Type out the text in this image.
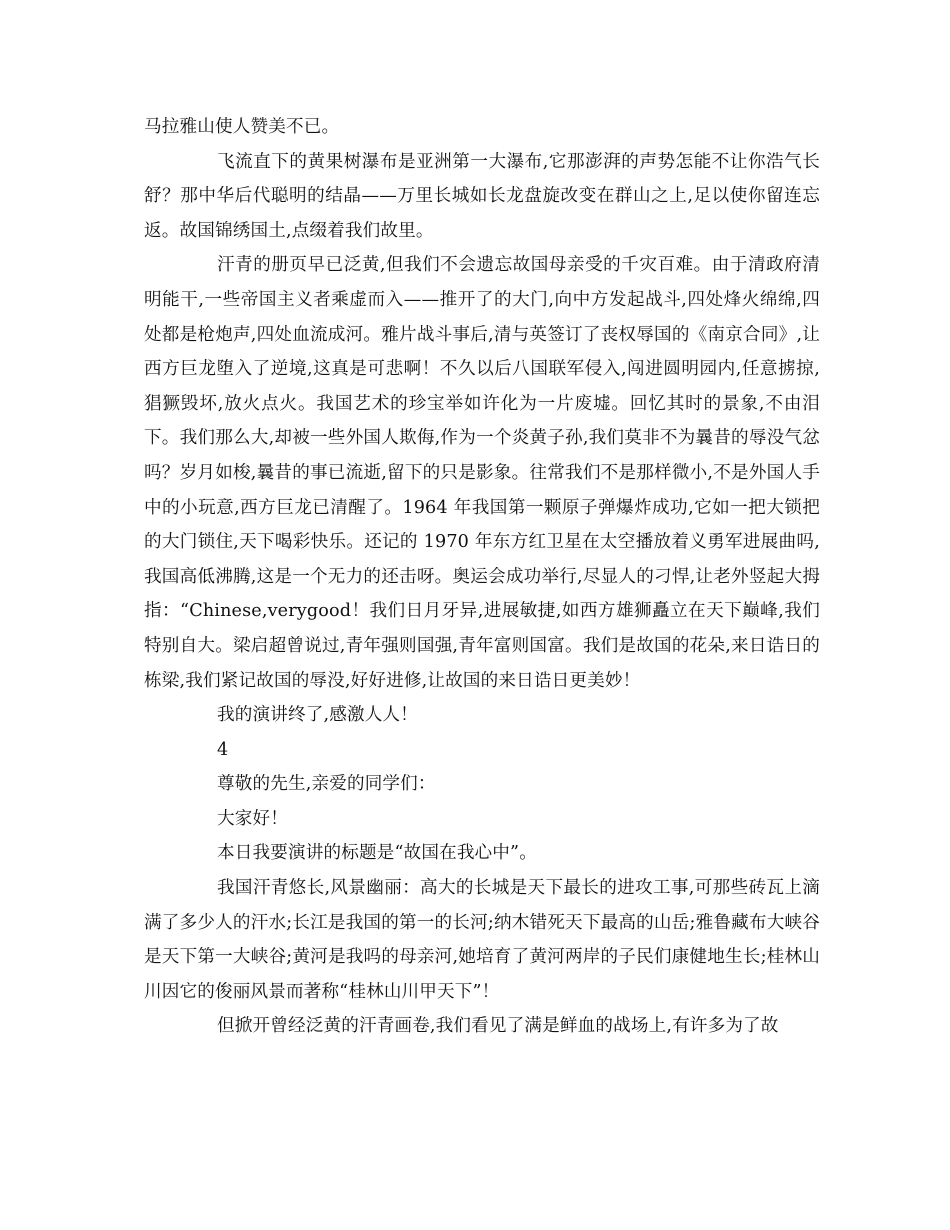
马拉雅山使人赞美不已。

飞流直下的黄果树瀑布是亚洲第一大瀑布,它那澎湃的声势怎能不让你浩气长舒？那中华后代聪明的结晶——万里长城如长龙盘旋改变在群山之上,足以使你留连忘返。故国锦绣国土,点缀着我们故里。

汗青的册页早已泛黄,但我们不会遗忘故国母亲受的千灾百难。由于清政府清明能干,一些帝国主义者乘虚而入——推开了的大门,向中方发起战斗,四处烽火绵绵,四处都是枪炮声,四处血流成河。雅片战斗事后,清与英签订了丧权辱国的《南京合同》,让西方巨龙堕入了逆境,这真是可悲啊！不久以后八国联军侵入,闯进圆明园内,任意掳掠,猖獗毁坏,放火点火。我国艺术的珍宝举如许化为一片废墟。回忆其时的景象,不由泪下。我们那么大,却被一些外国人欺侮,作为一个炎黄子孙,我们莫非不为曩昔的辱没气忿吗？岁月如梭,曩昔的事已流逝,留下的只是影象。往常我们不是那样微小,不是外国人手中的小玩意,西方巨龙已清醒了。1964 年我国第一颗原子弹爆炸成功,它如一把大锁把的大门锁住,天下喝彩快乐。还记的 1970 年东方红卫星在太空播放着义勇军进展曲吗,我国高低沸腾,这是一个无力的还击呀。奥运会成功举行,尽显人的刁悍,让老外竖起大拇指：“Chinese,verygood！我们日月牙异,进展敏捷,如西方雄狮矗立在天下巅峰,我们特别自大。梁启超曾说过,青年强则国强,青年富则国富。我们是故国的花朵,来日诰日的栋梁,我们紧记故国的辱没,好好进修,让故国的来日诰日更美妙！

我的演讲终了,感激人人！

4

尊敬的先生,亲爱的同学们：

大家好！

本日我要演讲的标题是“故国在我心中”。

我国汗青悠长,风景幽丽：高大的长城是天下最长的进攻工事,可那些砖瓦上滴满了多少人的汗水;长江是我国的第一的长河;纳木错死天下最高的山岳;雅鲁藏布大峡谷是天下第一大峡谷;黄河是我吗的母亲河,她培育了黄河两岸的子民们康健地生长;桂林山川因它的俊丽风景而著称“桂林山川甲天下”！

但掀开曾经泛黄的汗青画卷,我们看见了满是鲜血的战场上,有许多为了故
